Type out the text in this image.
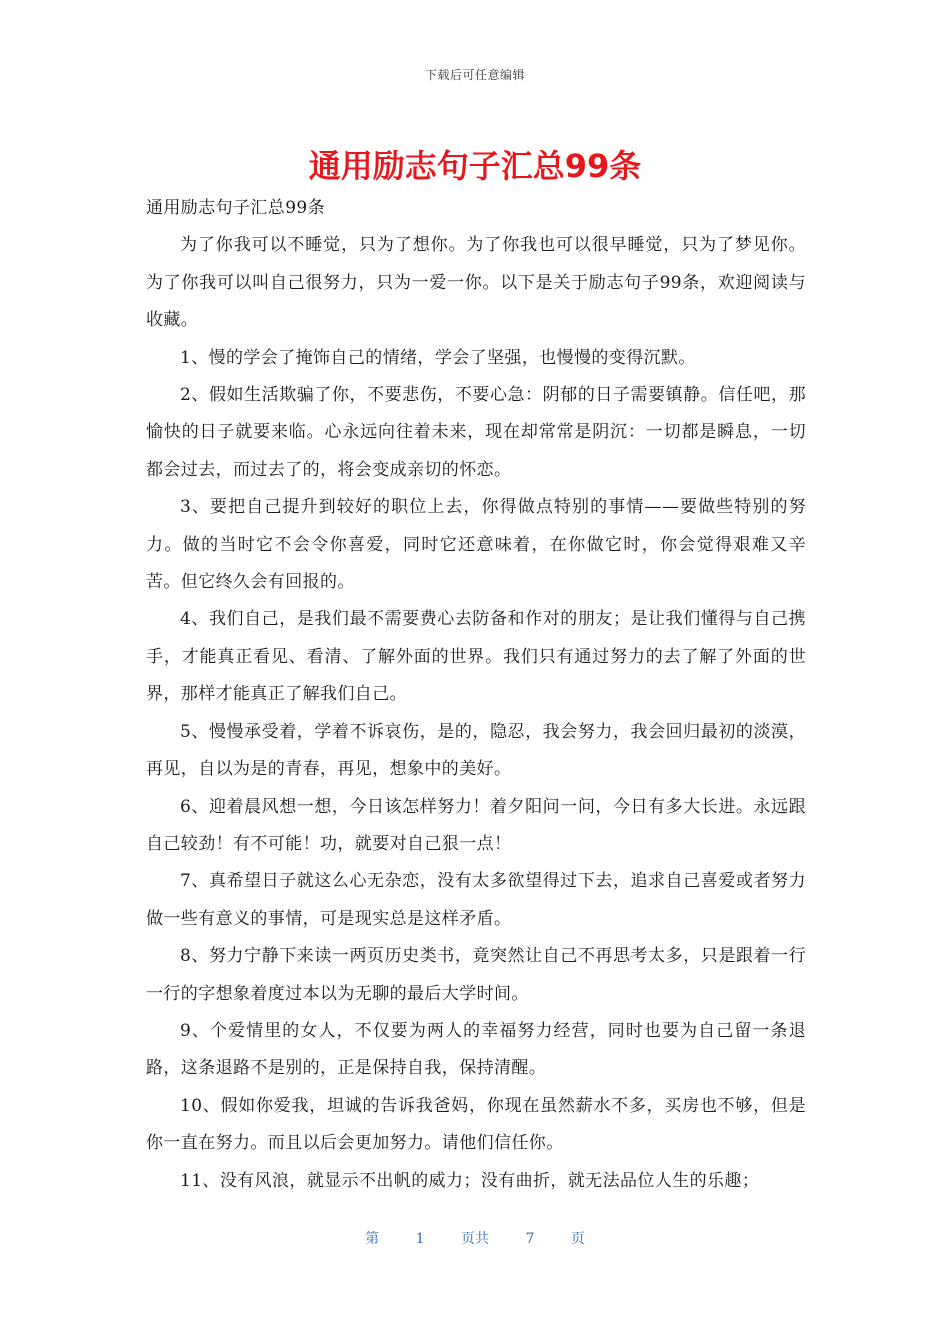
下载后可任意编辑
通用励志句子汇总99条

通用励志句子汇总99条

为了你我可以不睡觉，只为了想你。为了你我也可以很早睡觉，只为了梦见你。为了你我可以叫自己很努力，只为一爱一你。以下是关于励志句子99条，欢迎阅读与收藏。

1、慢的学会了掩饰自己的情绪，学会了坚强，也慢慢的变得沉默。

2、假如生活欺骗了你，不要悲伤，不要心急：阴郁的日子需要镇静。信任吧，那愉快的日子就要来临。心永远向往着未来，现在却常常是阴沉：一切都是瞬息，一切都会过去，而过去了的，将会变成亲切的怀恋。

3、要把自己提升到较好的职位上去，你得做点特别的事情——要做些特别的努力。做的当时它不会令你喜爱，同时它还意味着，在你做它时，你会觉得艰难又辛苦。但它终久会有回报的。

4、我们自己，是我们最不需要费心去防备和作对的朋友；是让我们懂得与自己携手，才能真正看见、看清、了解外面的世界。我们只有通过努力的去了解了外面的世界，那样才能真正了解我们自己。

5、慢慢承受着，学着不诉哀伤，是的，隐忍，我会努力，我会回归最初的淡漠，再见，自以为是的青春，再见，想象中的美好。

6、迎着晨风想一想，今日该怎样努力！着夕阳问一问，今日有多大长进。永远跟自己较劲！有不可能！功，就要对自己狠一点！

7、真希望日子就这么心无杂恋，没有太多欲望得过下去，追求自己喜爱或者努力做一些有意义的事情，可是现实总是这样矛盾。

8、努力宁静下来读一两页历史类书，竟突然让自己不再思考太多，只是跟着一行一行的字想象着度过本以为无聊的最后大学时间。

9、个爱情里的女人，不仅要为两人的幸福努力经营，同时也要为自己留一条退路，这条退路不是别的，正是保持自我，保持清醒。

10、假如你爱我，坦诚的告诉我爸妈，你现在虽然薪水不多，买房也不够，但是你一直在努力。而且以后会更加努力。请他们信任你。

11、没有风浪，就显示不出帆的威力；没有曲折，就无法品位人生的乐趣；

第	1	页共	7	页
